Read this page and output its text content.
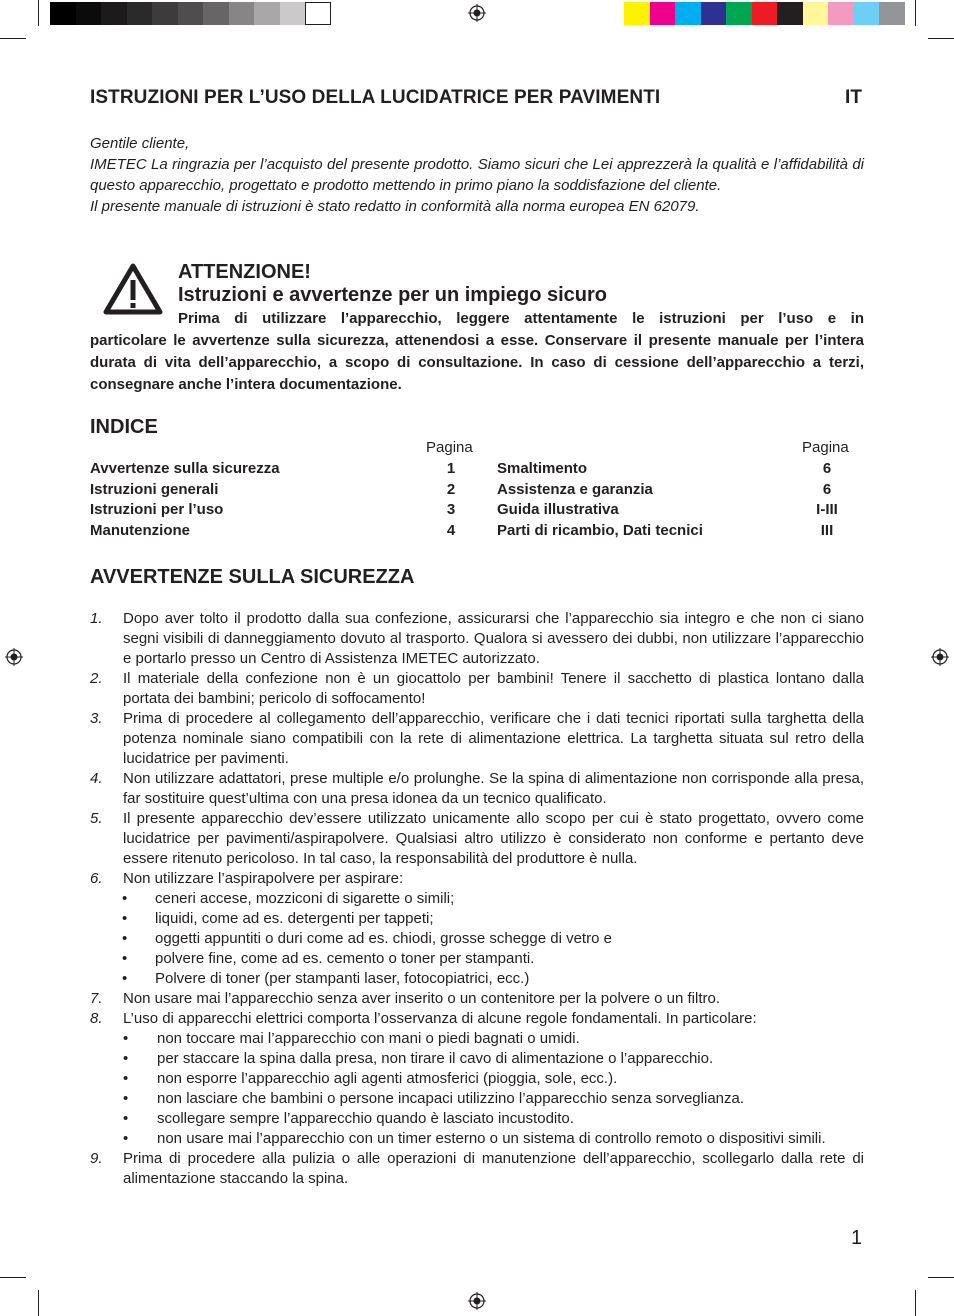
ISTRUZIONI PER L’USO DELLA LUCIDATRICE PER PAVIMENTI	IT

Gentile cliente,

IMETEC La ringrazia per l’acquisto del presente prodotto. Siamo sicuri che Lei apprezzerà la qualità e l’affidabilità di questo apparecchio, progettato e prodotto mettendo in primo piano la soddisfazione del cliente.

Il presente manuale di istruzioni è stato redatto in conformità alla norma europea EN 62079.

ATTENZIONE!
Istruzioni e avvertenze per un impiego sicuro
Prima di utilizzare l’apparecchio, leggere attentamente le istruzioni per l’uso e in
particolare le avvertenze sulla sicurezza, attenendosi a esse. Conservare il presente manuale per l’intera durata di vita dell’apparecchio, a scopo di consultazione. In caso di cessione dell’apparecchio a terzi, consegnare anche l’intera documentazione.
INDICE
Pagina	Pagina
Avvertenze sulla sicurezza	1
Istruzioni generali	2
Istruzioni per l’uso	3
Manutenzione	4
Smaltimento	6
Assistenza e garanzia	6
Guida illustrativa	I-III
Parti di ricambio, Dati tecnici	III
AVVERTENZE SULLA SICUREZZA
1. Dopo aver tolto il prodotto dalla sua confezione, assicurarsi che l’apparecchio sia integro e che non ci siano segni visibili di danneggiamento dovuto al trasporto. Qualora si avessero dei dubbi, non utilizzare l’apparecchio e portarlo presso un Centro di Assistenza IMETEC autorizzato.
2. Il materiale della confezione non è un giocattolo per bambini! Tenere il sacchetto di plastica lontano dalla portata dei bambini; pericolo di soffocamento!
3. Prima di procedere al collegamento dell’apparecchio, verificare che i dati tecnici riportati sulla targhetta della potenza nominale siano compatibili con la rete di alimentazione elettrica. La targhetta situata sul retro della lucidatrice per pavimenti.
4. Non utilizzare adattatori, prese multiple e/o prolunghe. Se la spina di alimentazione non corrisponde alla presa, far sostituire quest’ultima con una presa idonea da un tecnico qualificato.
5. Il presente apparecchio dev’essere utilizzato unicamente allo scopo per cui è stato progettato, ovvero come lucidatrice per pavimenti/aspirapolvere. Qualsiasi altro utilizzo è considerato non conforme e pertanto deve essere ritenuto pericoloso. In tal caso, la responsabilità del produttore è nulla.
6. Non utilizzare l’aspirapolvere per aspirare:
• ceneri accese, mozziconi di sigarette o simili;
• liquidi, come ad es. detergenti per tappeti;
• oggetti appuntiti o duri come ad es. chiodi, grosse schegge di vetro e
• polvere fine, come ad es. cemento o toner per stampanti.
• Polvere di toner (per stampanti laser, fotocopiatrici, ecc.)
7. Non usare mai l’apparecchio senza aver inserito o un contenitore per la polvere o un filtro.
8. L’uso di apparecchi elettrici comporta l’osservanza di alcune regole fondamentali. In particolare:
• non toccare mai l’apparecchio con mani o piedi bagnati o umidi.
• per staccare la spina dalla presa, non tirare il cavo di alimentazione o l’apparecchio.
• non esporre l’apparecchio agli agenti atmosferici (pioggia, sole, ecc.).
• non lasciare che bambini o persone incapaci utilizzino l’apparecchio senza sorveglianza.
• scollegare sempre l’apparecchio quando è lasciato incustodito.
• non usare mai l’apparecchio con un timer esterno o un sistema di controllo remoto o dispositivi simili.
9. Prima di procedere alla pulizia o alle operazioni di manutenzione dell’apparecchio, scollegarlo dalla rete di alimentazione staccando la spina.
1
